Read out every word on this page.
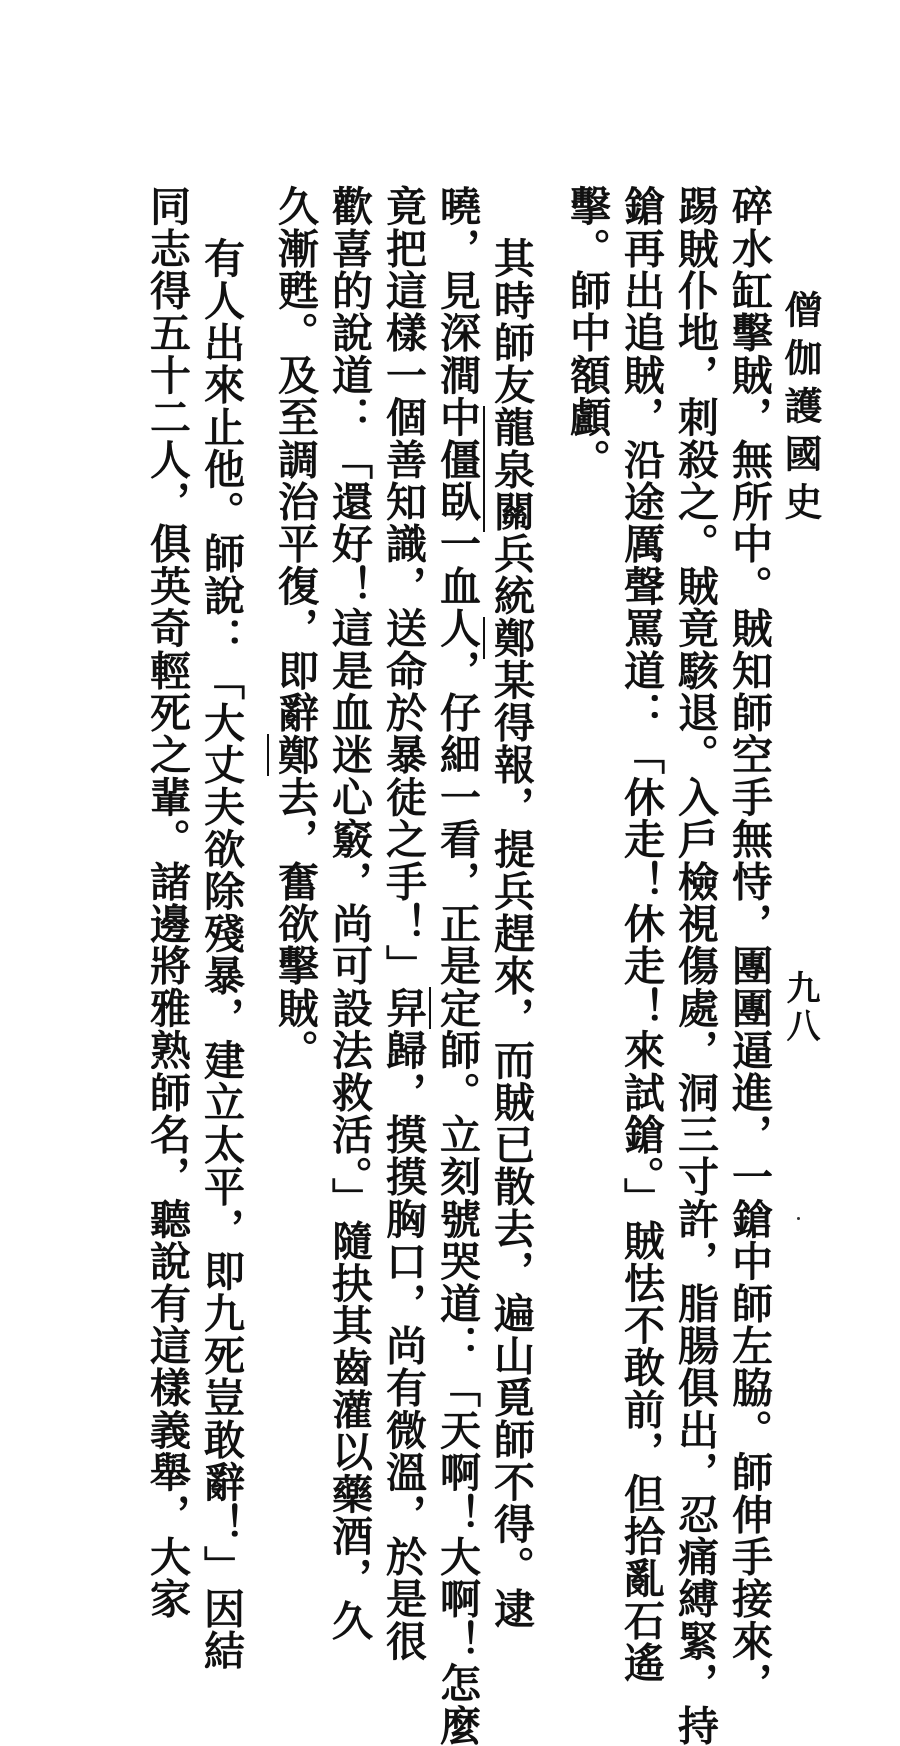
僧伽護國史
九八
碎水缸擊賊，無所中。賊知師空手無恃，團團逼進，一鎗中師左脇。師伸手接來，
踢賊仆地，刺殺之。賊竟駭退。入戶檢視傷處，洞三寸許，脂腸俱出，忍痛縛緊，持
鎗再出追賊，沿途厲聲罵道：「休走！休走！來試鎗。」賊怯不敢前，但拾亂石遙
擊。師中額顱。
其時師友龍泉關兵統鄭某得報，提兵趕來，而賊已散去，遍山覓師不得。逮
曉，見深澗中僵臥一血人，仔細一看，正是定師。立刻號哭道：「天啊！大啊！怎麼
竟把這樣一個善知識，送命於暴徒之手！」舁歸，摸摸胸口，尚有微溫，於是很
歡喜的說道：「還好！這是血迷心竅，尚可設法救活。」隨抉其齒灌以藥酒，久
久漸甦。及至調治平復，即辭鄭去，奮欲擊賊。
有人出來止他。師說：「大丈夫欲除殘暴，建立太平，即九死豈敢辭！」因結
同志得五十二人，俱英奇輕死之輩。諸邊將雅熟師名，聽說有這樣義舉，大家
